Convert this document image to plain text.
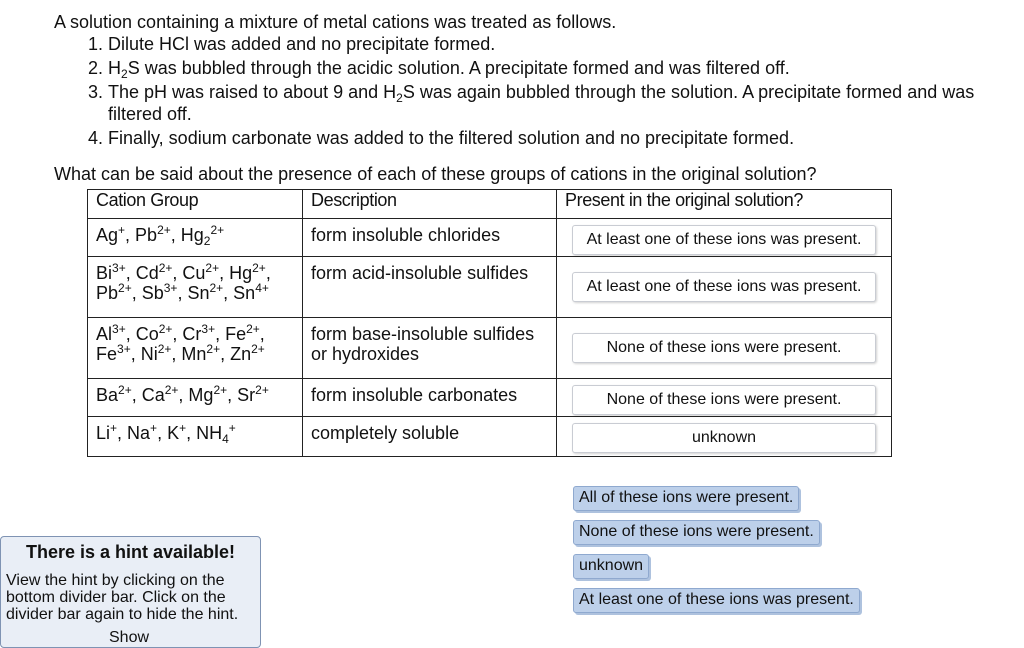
A solution containing a mixture of metal cations was treated as follows.
1. Dilute HCl was added and no precipitate formed.
2. $H_2S$ was bubbled through the acidic solution. A precipitate formed and was filtered off.
3. The pH was raised to about 9 and $H_2S$ was again bubbled through the solution. A precipitate formed and was filtered off.
4. Finally, sodium carbonate was added to the filtered solution and no precipitate formed.
What can be said about the presence of each of these groups of cations in the original solution?
Cation Group	Description	Present in the original solution?

Ag+, $Pb^{2+}$, $Hg_2^{2+}$	form insoluble chlorides	At least one of these ions was present.

$Bi^{3+}$, $Cd^{2+}$, $Cu^{2+}$, $Hg^{2+}$,
$Pb^{2+}$, $Sb^{3+}$, $Sn^{2+}$, $Sn^{4+}$	form acid-insoluble sulfides	At least one of these ions was present.

$Al^{3+}$, $Co^{2+}$, $Cr^{3+}$, $Fe^{2+}$,
$Fe^{3+}$, $Ni^{2+}$, $Mn^{2+}$, $Zn^{2+}$	form base-insoluble sulfides or hydroxides	None of these ions were present.

$Ba^{2+}$, $Ca^{2+}$, $Mg^{2+}$, $Sr^{2+}$	form insoluble carbonates	None of these ions were present.

Li+, Na+, K+, $NH_4^+$	completely soluble	unknown
All of these ions were present.
None of these ions were present.
unknown
At least one of these ions was present.
There is a hint available!
View the hint by clicking on the bottom divider bar. Click on the divider bar again to hide the hint.
Show
